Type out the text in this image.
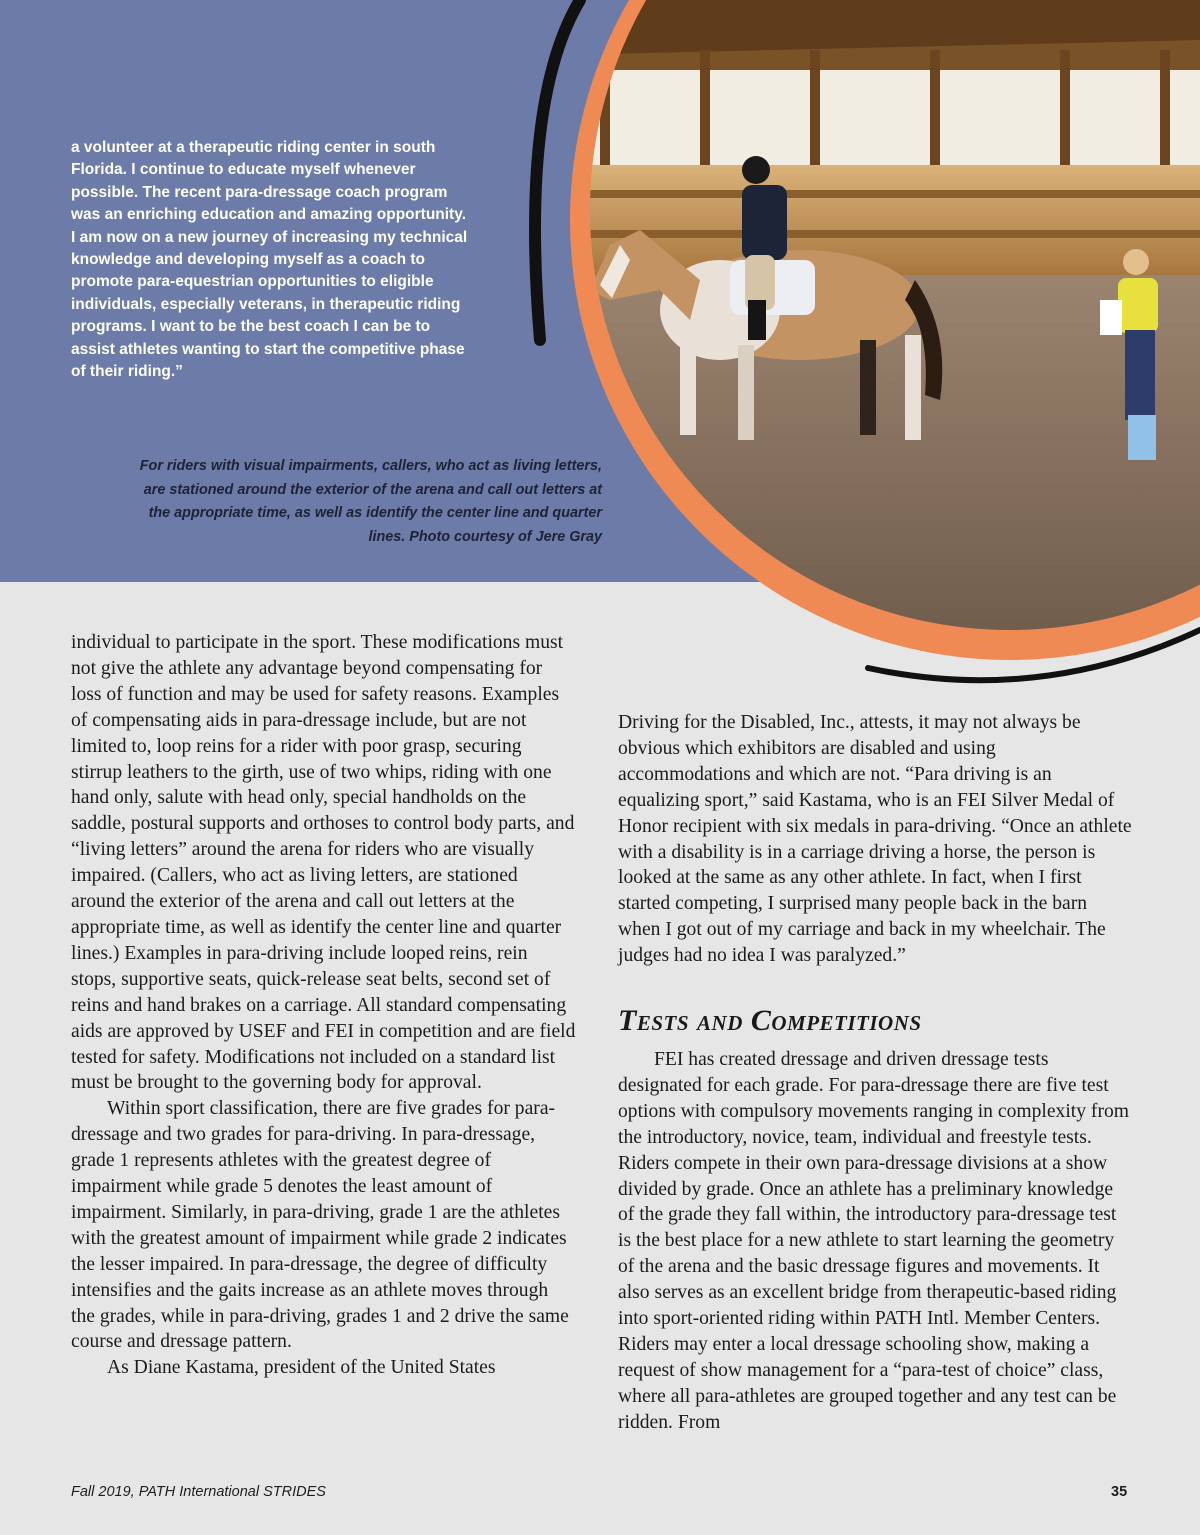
a volunteer at a therapeutic riding center in south Florida. I continue to educate myself whenever possible. The recent para-dressage coach program was an enriching education and amazing opportunity. I am now on a new journey of increasing my technical knowledge and developing myself as a coach to promote para-equestrian opportunities to eligible individuals, especially veterans, in therapeutic riding programs. I want to be the best coach I can be to assist athletes wanting to start the competitive phase of their riding.”

For riders with visual impairments, callers, who act as living letters, are stationed around the exterior of the arena and call out letters at the appropriate time, as well as identify the center line and quarter lines. Photo courtesy of Jere Gray

individual to participate in the sport. These modifications must not give the athlete any advantage beyond compensating for loss of function and may be used for safety reasons. Examples of compensating aids in para-dressage include, but are not limited to, loop reins for a rider with poor grasp, securing stirrup leathers to the girth, use of two whips, riding with one hand only, salute with head only, special handholds on the saddle, postural supports and orthoses to control body parts, and “living letters” around the arena for riders who are visually impaired. (Callers, who act as living letters, are stationed around the exterior of the arena and call out letters at the appropriate time, as well as identify the center line and quarter lines.) Examples in para-driving include looped reins, rein stops, supportive seats, quick-release seat belts, second set of reins and hand brakes on a carriage. All standard compensating aids are approved by USEF and FEI in competition and are field tested for safety. Modifications not included on a standard list must be brought to the governing body for approval.

Within sport classification, there are five grades for para-dressage and two grades for para-driving. In para-dressage, grade 1 represents athletes with the greatest degree of impairment while grade 5 denotes the least amount of impairment. Similarly, in para-driving, grade 1 are the athletes with the greatest amount of impairment while grade 2 indicates the lesser impaired. In para-dressage, the degree of difficulty intensifies and the gaits increase as an athlete moves through the grades, while in para-driving, grades 1 and 2 drive the same course and dressage pattern.

As Diane Kastama, president of the United States

Driving for the Disabled, Inc., attests, it may not always be obvious which exhibitors are disabled and using accommodations and which are not. “Para driving is an equalizing sport,” said Kastama, who is an FEI Silver Medal of Honor recipient with six medals in para-driving. “Once an athlete with a disability is in a carriage driving a horse, the person is looked at the same as any other athlete. In fact, when I first started competing, I surprised many people back in the barn when I got out of my carriage and back in my wheelchair. The judges had no idea I was paralyzed.”

Tests and Competitions

FEI has created dressage and driven dressage tests designated for each grade. For para-dressage there are five test options with compulsory movements ranging in complexity from the introductory, novice, team, individual and freestyle tests. Riders compete in their own para-dressage divisions at a show divided by grade. Once an athlete has a preliminary knowledge of the grade they fall within, the introductory para-dressage test is the best place for a new athlete to start learning the geometry of the arena and the basic dressage figures and movements. It also serves as an excellent bridge from therapeutic-based riding into sport-oriented riding within PATH Intl. Member Centers. Riders may enter a local dressage schooling show, making a request of show management for a “para-test of choice” class, where all para-athletes are grouped together and any test can be ridden. From

Fall 2019, PATH International STRIDES	35
